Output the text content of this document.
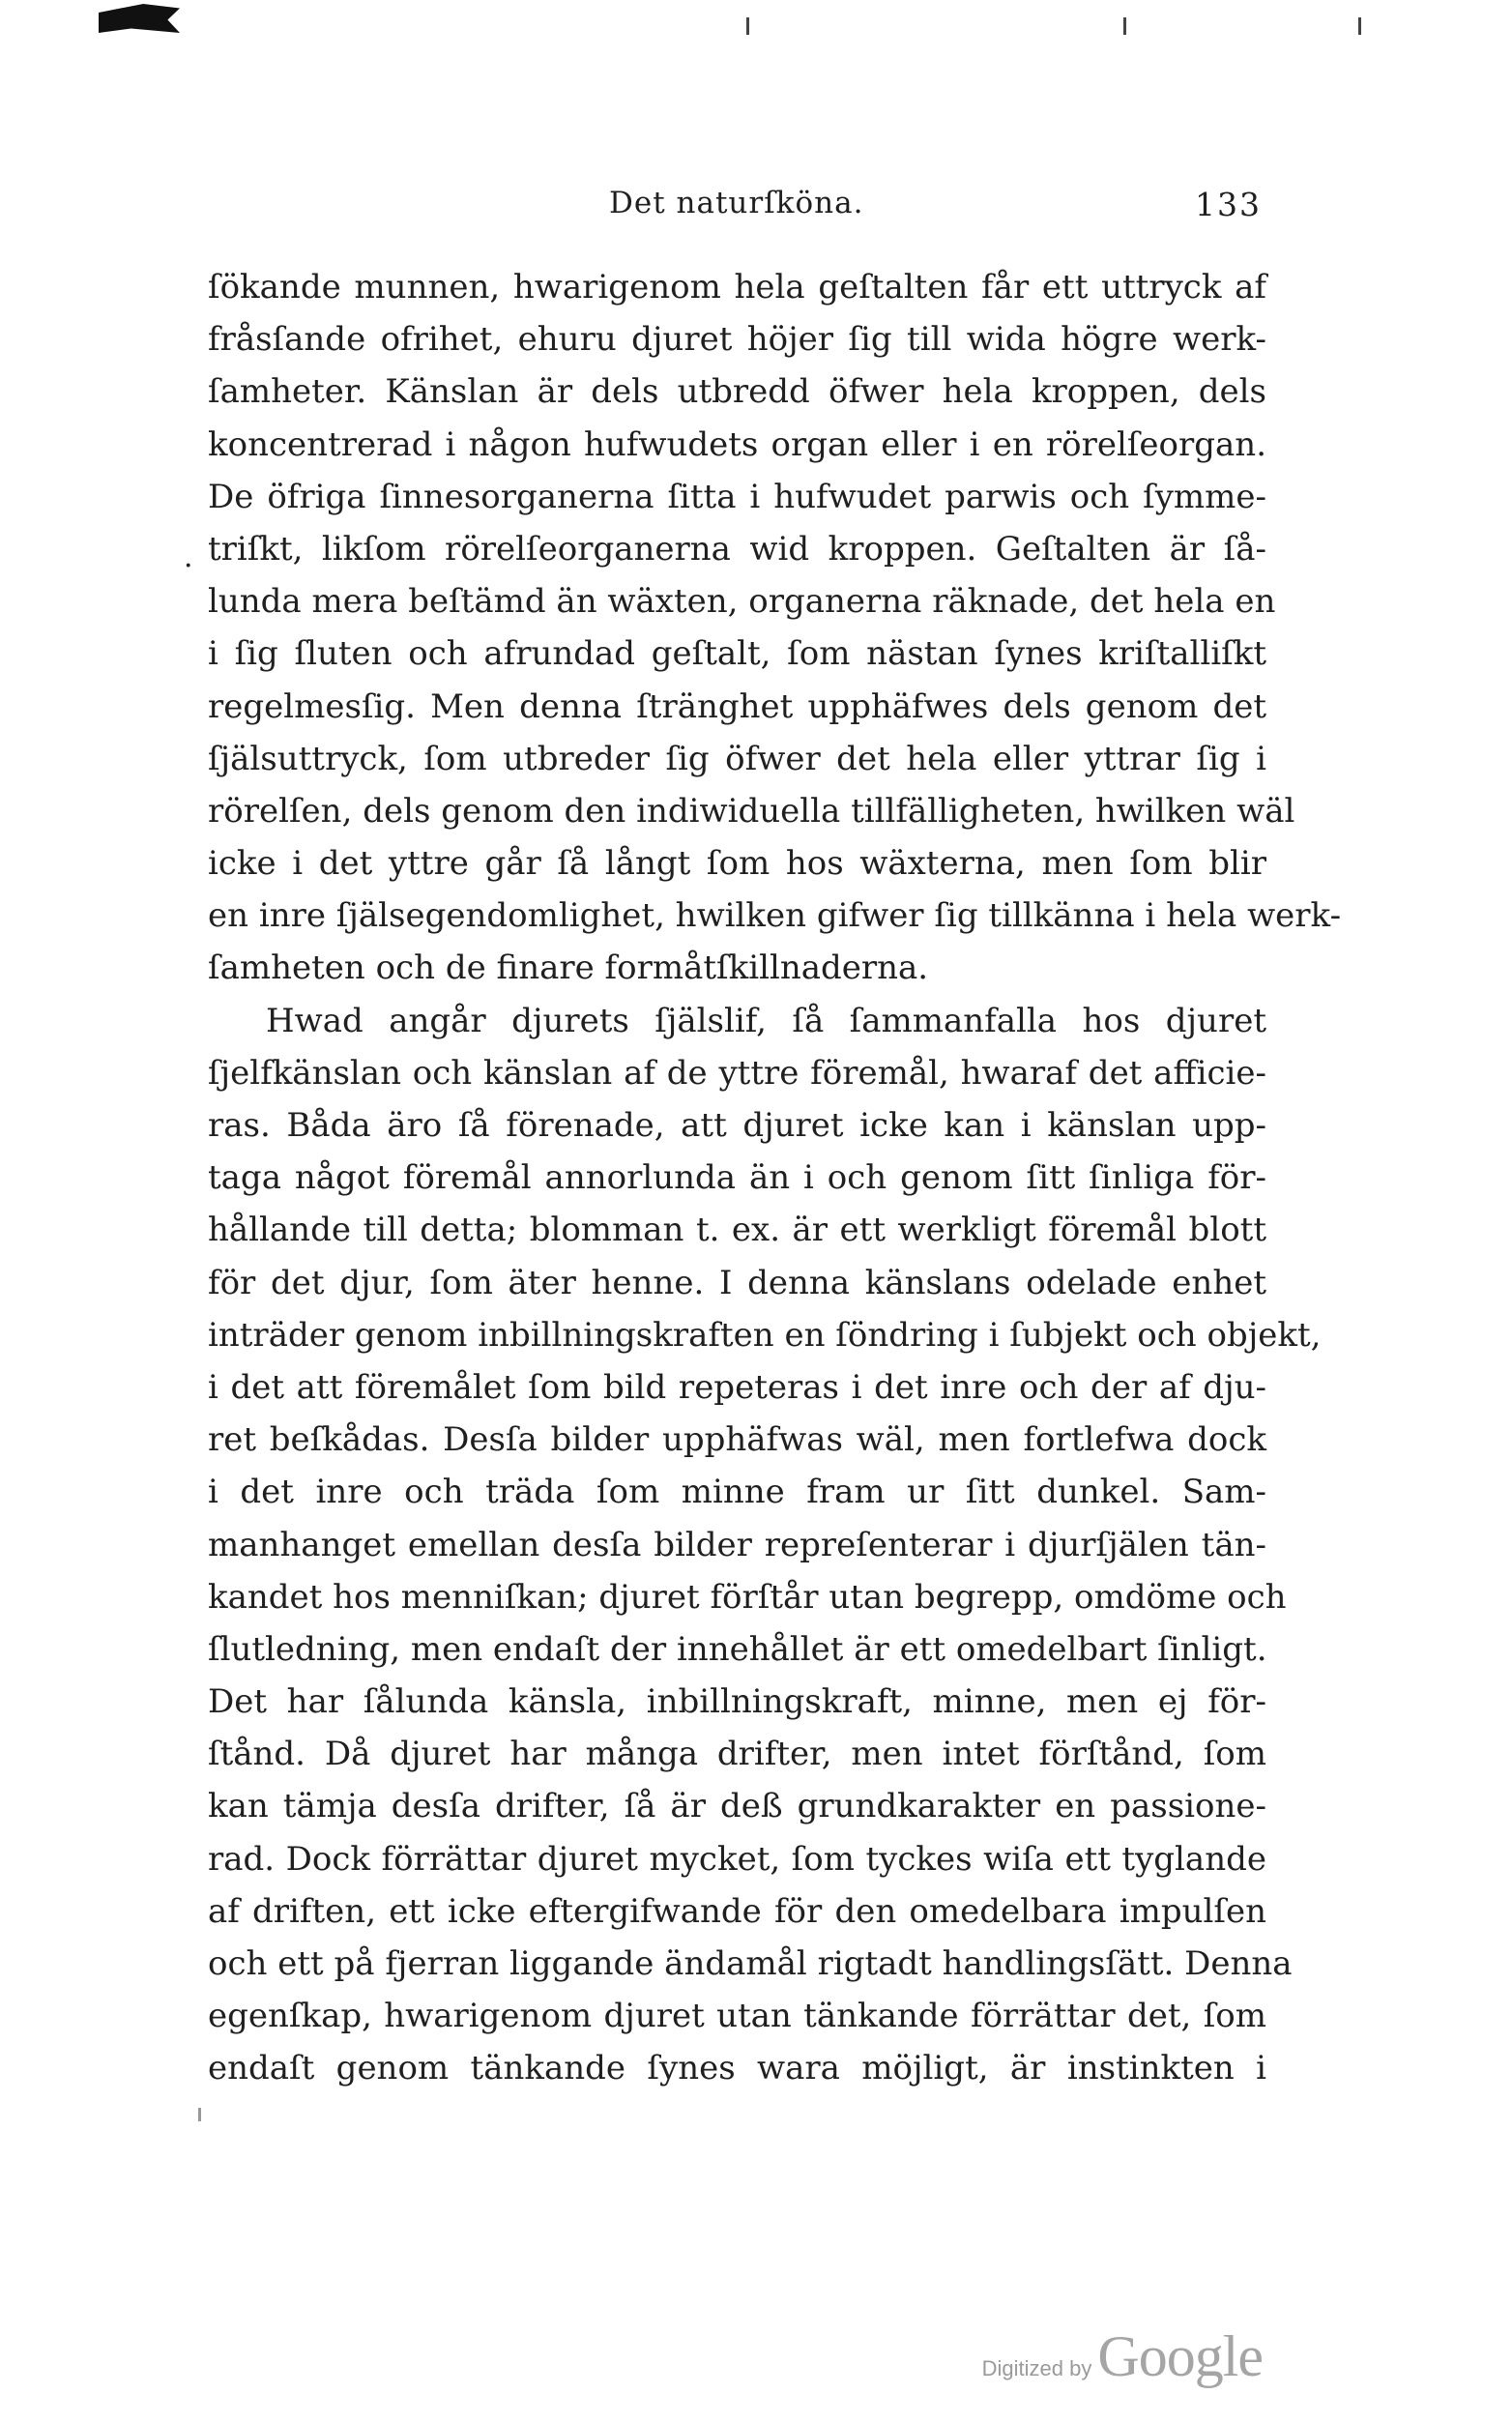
Det naturſköna.	133
·
ſökande munnen, hwarigenom hela geſtalten får ett uttryck af
fråsſande ofrihet, ehuru djuret höjer ſig till wida högre werk-
ſamheter. Känslan är dels utbredd öfwer hela kroppen, dels
koncentrerad i någon hufwudets organ eller i en rörelſeorgan.
De öfriga ſinnesorganerna ſitta i hufwudet parwis och ſymme-
triſkt, likſom rörelſeorganerna wid kroppen. Geſtalten är ſå-
lunda mera beſtämd än wäxten, organerna räknade, det hela en
i ſig ſluten och afrundad geſtalt, ſom nästan ſynes kriſtalliſkt
regelmesſig. Men denna ſtränghet upphäfwes dels genom det
ſjälsuttryck, ſom utbreder ſig öfwer det hela eller yttrar ſig i
rörelſen, dels genom den indiwiduella tillfälligheten, hwilken wäl
icke i det yttre går ſå långt ſom hos wäxterna, men ſom blir
en inre ſjälsegendomlighet, hwilken gifwer ſig tillkänna i hela werk-
ſamheten och de finare formåtſkillnaderna.
Hwad angår djurets ſjälslif, ſå ſammanfalla hos djuret
ſjelfkänslan och känslan af de yttre föremål, hwaraf det afficie-
ras. Båda äro ſå förenade, att djuret icke kan i känslan upp-
taga något föremål annorlunda än i och genom ſitt ſinliga för-
hållande till detta; blomman t. ex. är ett werkligt föremål blott
för det djur, ſom äter henne. I denna känslans odelade enhet
inträder genom inbillningskraften en ſöndring i ſubjekt och objekt,
i det att föremålet ſom bild repeteras i det inre och der af dju-
ret beſkådas. Desſa bilder upphäfwas wäl, men fortlefwa dock
i det inre och träda ſom minne fram ur ſitt dunkel. Sam-
manhanget emellan desſa bilder repreſenterar i djurſjälen tän-
kandet hos menniſkan; djuret förſtår utan begrepp, omdöme och
ſlutledning, men endaſt der innehållet är ett omedelbart ſinligt.
Det har ſålunda känsla, inbillningskraft, minne, men ej för-
ſtånd. Då djuret har många drifter, men intet förſtånd, ſom
kan tämja desſa drifter, ſå är deß grundkarakter en passione-
rad. Dock förrättar djuret mycket, ſom tyckes wiſa ett tyglande
af driften, ett icke eftergifwande för den omedelbara impulſen
och ett på fjerran liggande ändamål rigtadt handlingsſätt. Denna
egenſkap, hwarigenom djuret utan tänkande förrättar det, ſom
endaſt genom tänkande ſynes wara möjligt, är instinkten i
Digitized by Google
